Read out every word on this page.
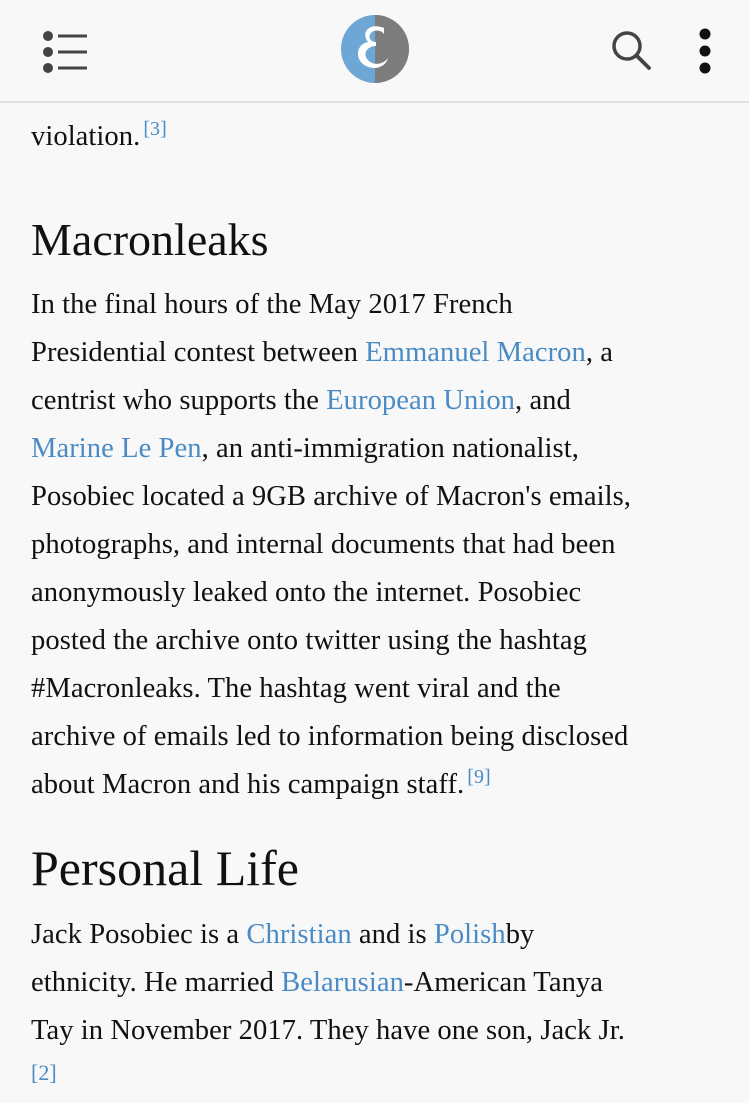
violation. [3]

Macronleaks

In the final hours of the May 2017 French

Presidential contest between Emmanuel Macron, a

centrist who supports the European Union, and

Marine Le Pen, an anti-immigration nationalist,

Posobiec located a 9GB archive of Macron's emails,

photographs, and internal documents that had been

anonymously leaked onto the internet. Posobiec

posted the archive onto twitter using the hashtag

#Macronleaks. The hashtag went viral and the

archive of emails led to information being disclosed

about Macron and his campaign staff. [9]

Personal Life

Jack Posobiec is a Christian and is Polishby

ethnicity. He married Belarusian-American Tanya

Tay in November 2017. They have one son, Jack Jr.

[2]
